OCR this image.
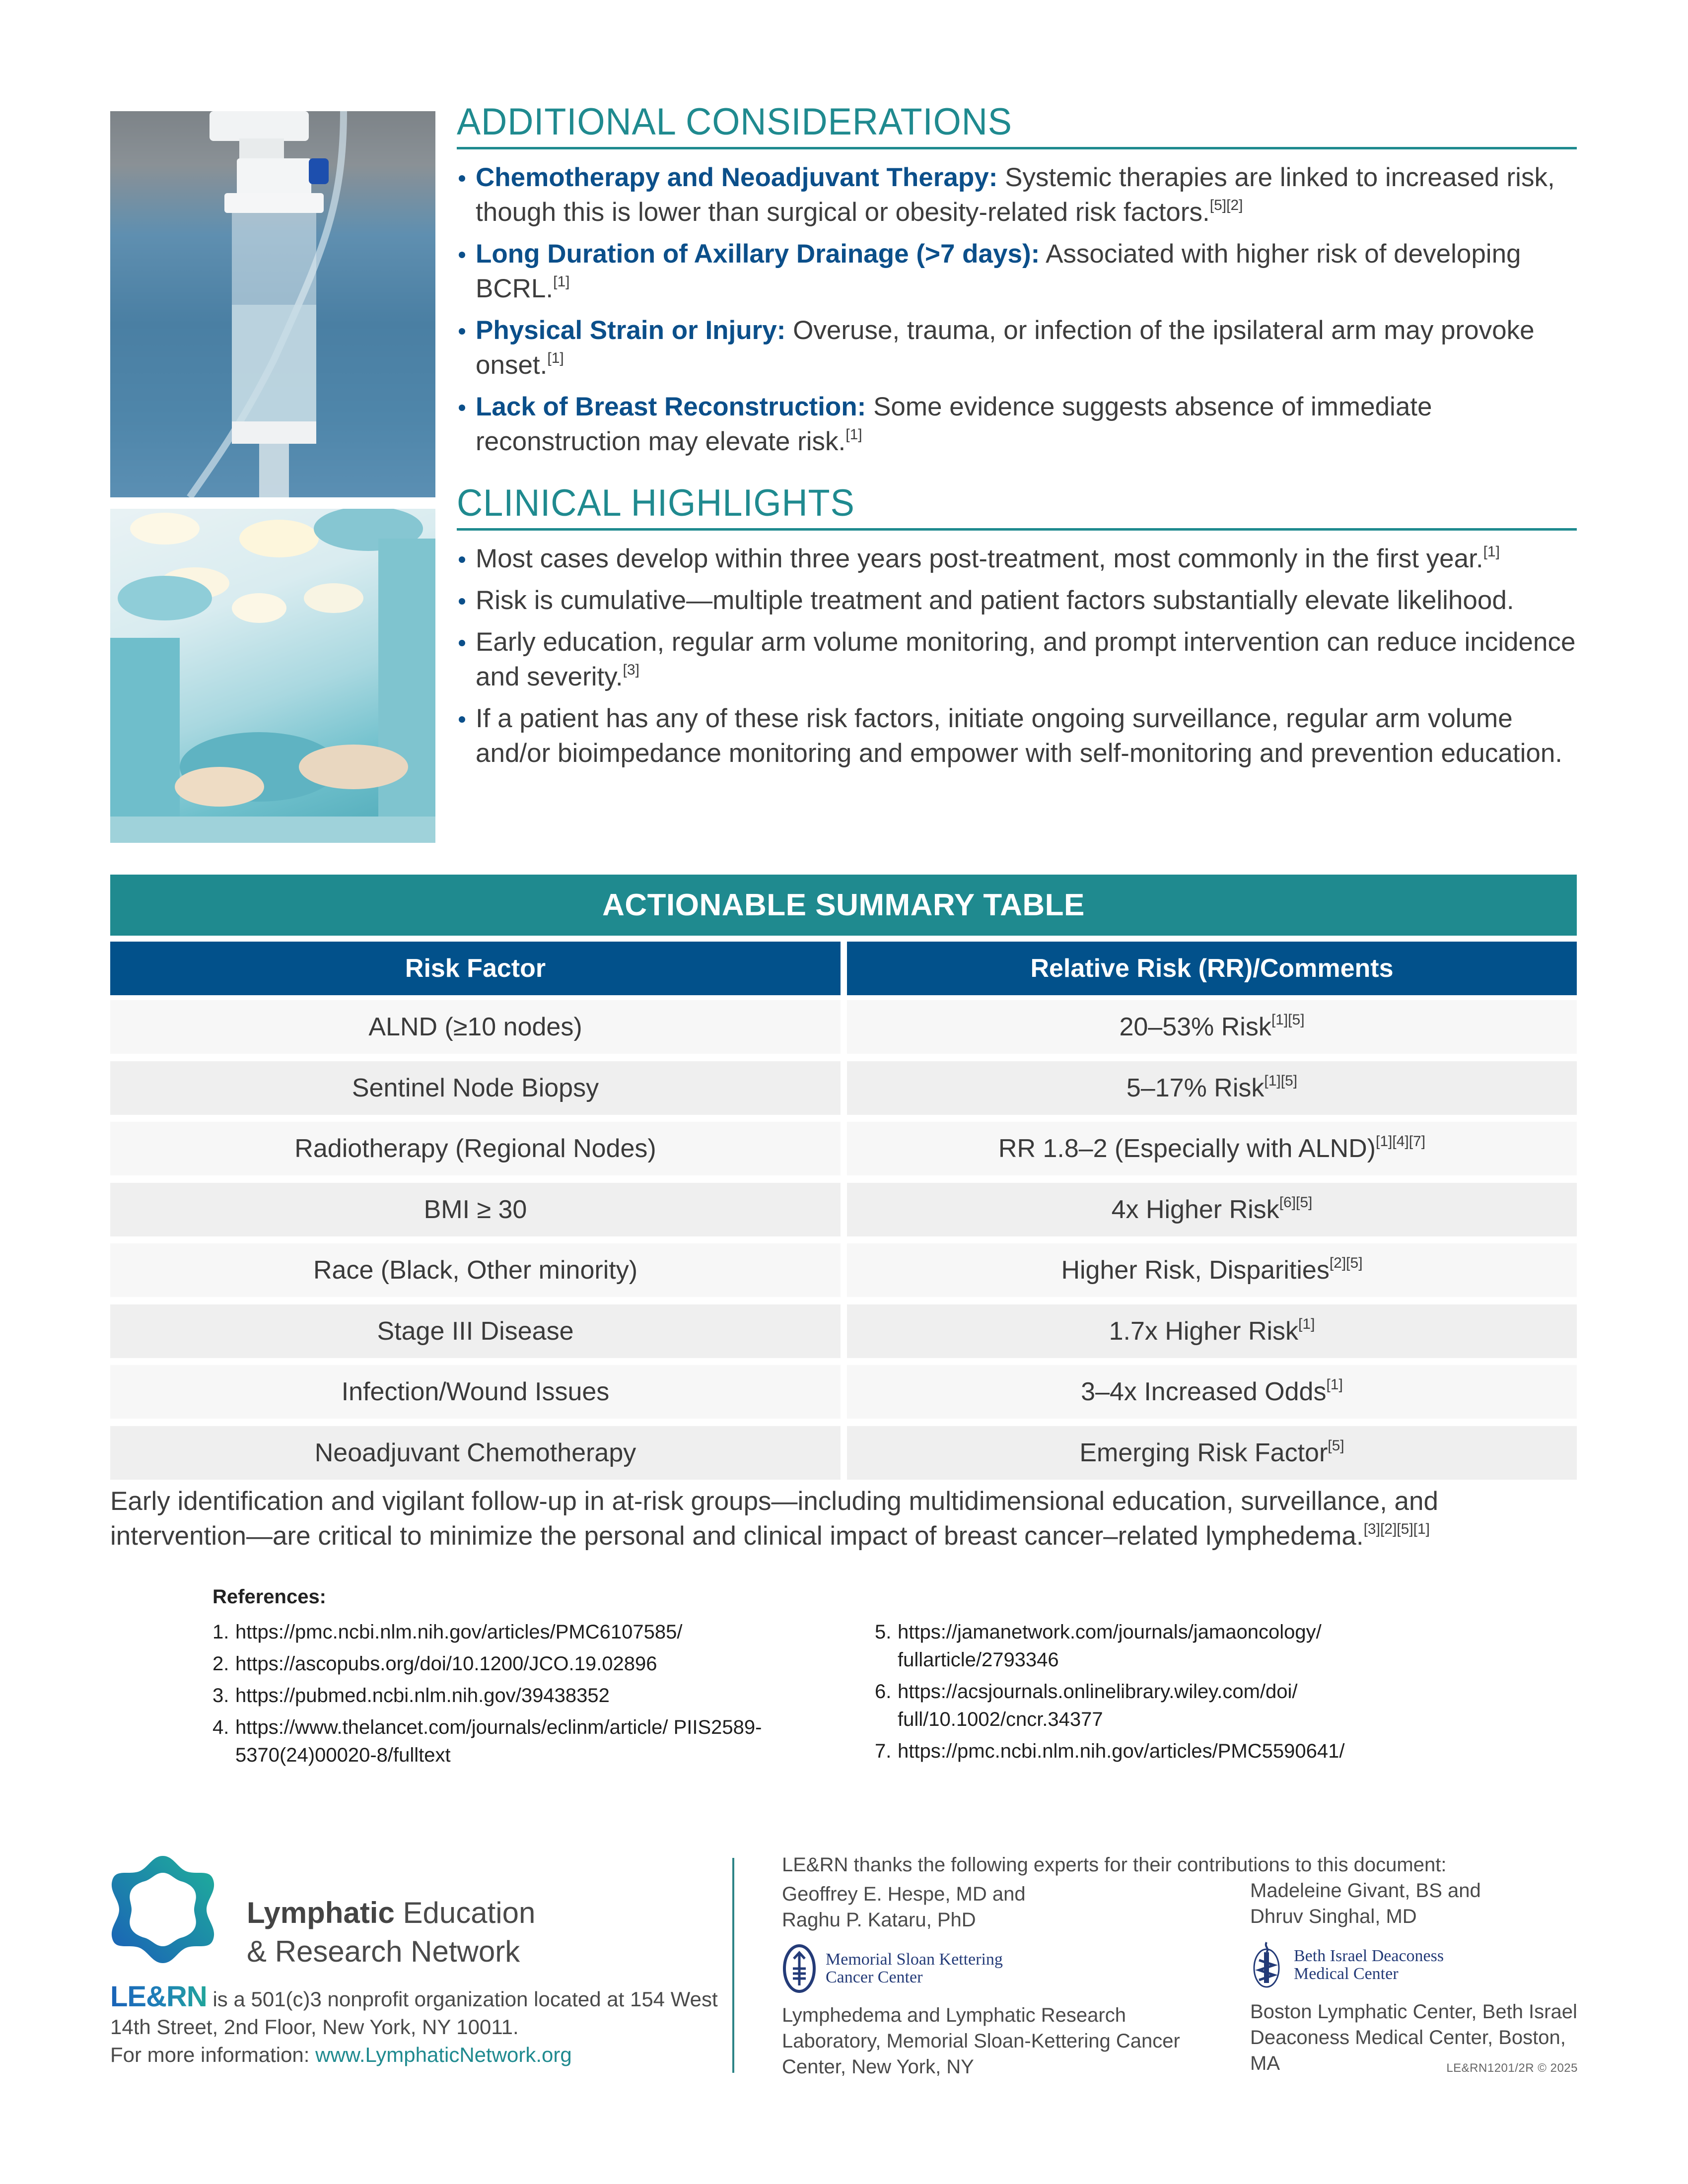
ADDITIONAL CONSIDERATIONS
Chemotherapy and Neoadjuvant Therapy: Systemic therapies are linked to increased risk, though this is lower than surgical or obesity-related risk factors.[5][2]
Long Duration of Axillary Drainage (>7 days): Associated with higher risk of developing BCRL.[1]
Physical Strain or Injury: Overuse, trauma, or infection of the ipsilateral arm may provoke onset.[1]
Lack of Breast Reconstruction: Some evidence suggests absence of immediate reconstruction may elevate risk.[1]
CLINICAL HIGHLIGHTS
Most cases develop within three years post-treatment, most commonly in the first year.[1]
Risk is cumulative—multiple treatment and patient factors substantially elevate likelihood.
Early education, regular arm volume monitoring, and prompt intervention can reduce incidence and severity.[3]
If a patient has any of these risk factors, initiate ongoing surveillance, regular arm volume and/or bioimpedance monitoring and empower with self-monitoring and prevention education.
ACTIONABLE SUMMARY TABLE
Risk Factor	Relative Risk (RR)/Comments
ALND (≥10 nodes)	20–53% Risk[1][5]
Sentinel Node Biopsy	5–17% Risk[1][5]
Radiotherapy (Regional Nodes)	RR 1.8–2 (Especially with ALND)[1][4][7]
BMI ≥ 30	4x Higher Risk[6][5]
Race (Black, Other minority)	Higher Risk, Disparities[2][5]
Stage III Disease	1.7x Higher Risk[1]
Infection/Wound Issues	3–4x Increased Odds[1]
Neoadjuvant Chemotherapy	Emerging Risk Factor[5]
Early identification and vigilant follow-up in at-risk groups—including multidimensional education, surveillance, and intervention—are critical to minimize the personal and clinical impact of breast cancer–related lymphedema.[3][2][5][1]
References:
1. https://pmc.ncbi.nlm.nih.gov/articles/PMC6107585/
2. https://ascopubs.org/doi/10.1200/JCO.19.02896
3. https://pubmed.ncbi.nlm.nih.gov/39438352
4. https://www.thelancet.com/journals/eclinm/article/ PIIS2589-5370(24)00020-8/fulltext
5. https://jamanetwork.com/journals/jamaoncology/ fullarticle/2793346
6. https://acsjournals.onlinelibrary.wiley.com/doi/ full/10.1002/cncr.34377
7. https://pmc.ncbi.nlm.nih.gov/articles/PMC5590641/
Lymphatic Education
& Research Network
LE&RN is a 501(c)3 nonprofit organization located at 154 West 14th Street, 2nd Floor, New York, NY 10011.
For more information: www.LymphaticNetwork.org
LE&RN thanks the following experts for their contributions to this document:
Geoffrey E. Hespe, MD and
Raghu P. Kataru, PhD
Memorial Sloan Kettering
Cancer Center
Lymphedema and Lymphatic Research Laboratory, Memorial Sloan-Kettering Cancer Center, New York, NY
Madeleine Givant, BS and
Dhruv Singhal, MD
Beth Israel Deaconess
Medical Center
Boston Lymphatic Center, Beth Israel Deaconess Medical Center, Boston, MA	LE&RN1201/2R © 2025
